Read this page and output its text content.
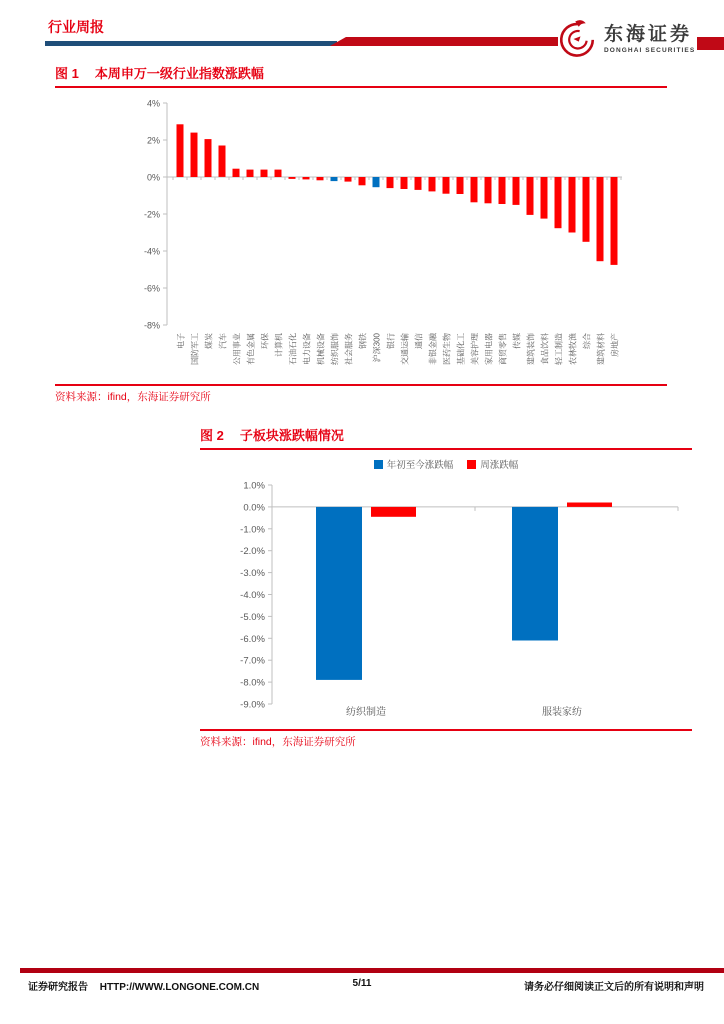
行业周报	东海证券
DONGHAI SECURITIES
图 1 本周申万一级行业指数涨跌幅
4%
2%
0%
-2%
-4%
-6%
-8%
电子 国防军工 煤炭 汽车 公用事业 有色金属 环保 计算机 石油石化 电力设备 机械设备 纺织服饰 社会服务 钢铁 沪深300 银行 交通运输 通信 非银金融 医药生物 基础化工 美容护理 家用电器 商贸零售 传媒 建筑装饰 食品饮料 轻工制造 农林牧渔 综合 建筑材料 房地产
资料来源：ifind，东海证券研究所
图 2 子板块涨跌幅情况
年初至今涨跌幅	周涨跌幅
1.0%
0.0%
-1.0%
-2.0%
-3.0%
-4.0%
-5.0%
-6.0%
-7.0%
-8.0%
-9.0%
纺织制造	服装家纺
资料来源：ifind，东海证券研究所
证券研究报告 HTTP://WWW.LONGONE.COM.CN	5/11	请务必仔细阅读正文后的所有说明和声明
